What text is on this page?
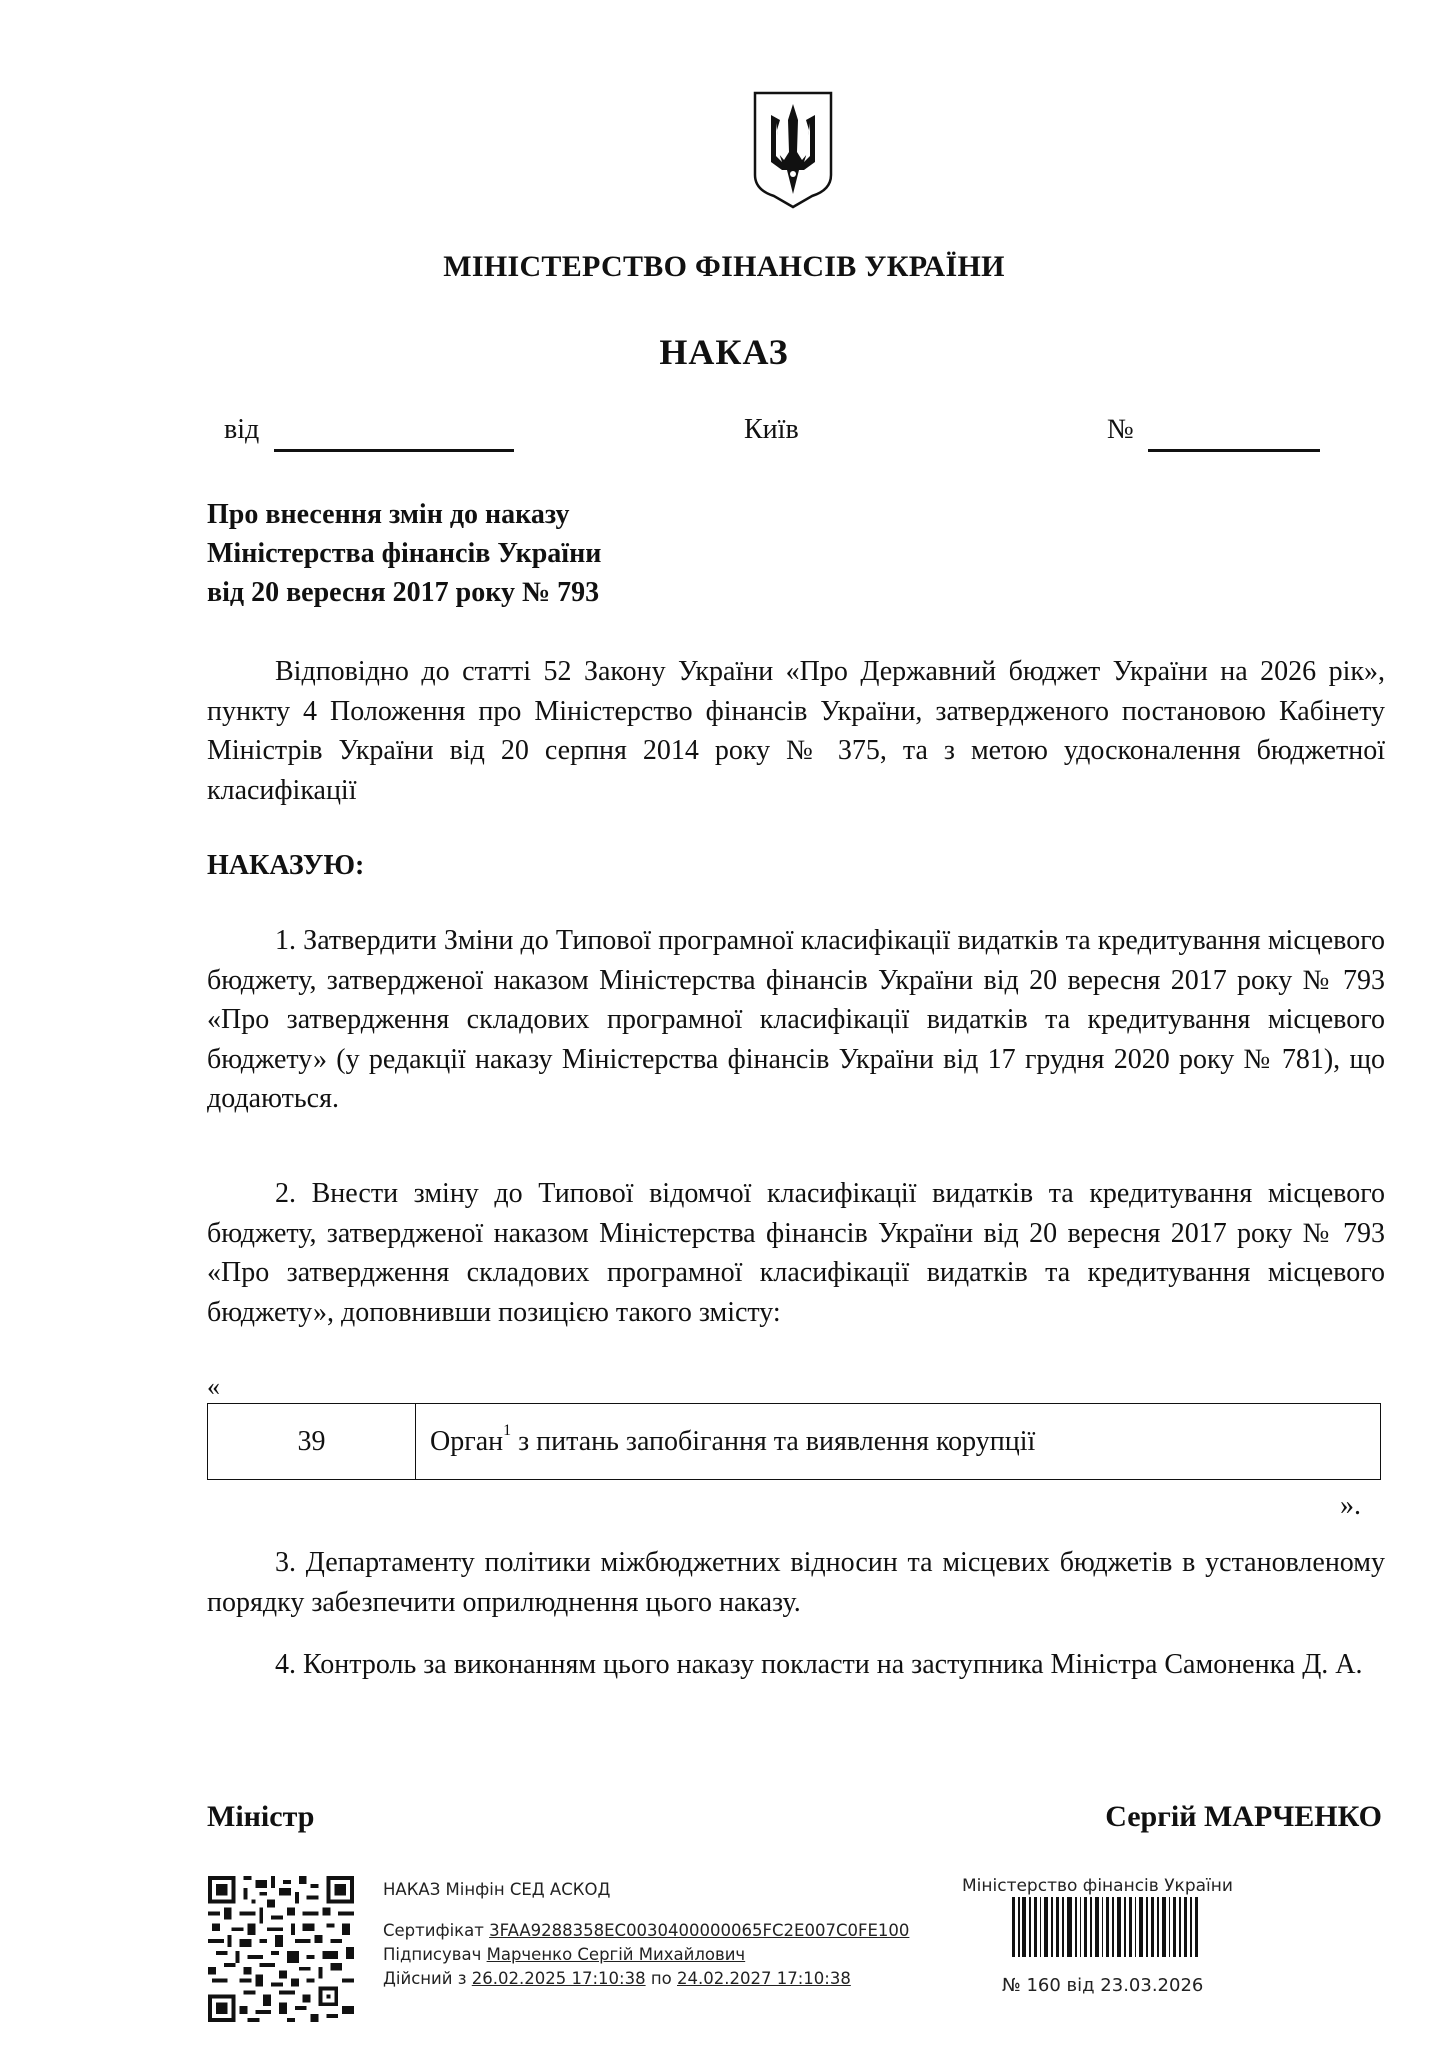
МІНІСТЕРСТВО ФІНАНСІВ УКРАЇНИ
НАКАЗ
від	Київ	№
Про внесення змін до наказу
Міністерства фінансів України
від 20 вересня 2017 року № 793
Відповідно до статті 52 Закону України «Про Державний бюджет України на 2026 рік», пункту 4 Положення про Міністерство фінансів України, затвердженого постановою Кабінету Міністрів України від 20 серпня 2014 року № 375, та з метою удосконалення бюджетної класифікації
НАКАЗУЮ:
1. Затвердити Зміни до Типової програмної класифікації видатків та кредитування місцевого бюджету, затвердженої наказом Міністерства фінансів України від 20 вересня 2017 року № 793 «Про затвердження складових програмної класифікації видатків та кредитування місцевого бюджету» (у редакції наказу Міністерства фінансів України від 17 грудня 2020 року № 781), що додаються.
2. Внести зміну до Типової відомчої класифікації видатків та кредитування місцевого бюджету, затвердженої наказом Міністерства фінансів України від 20 вересня 2017 року № 793 «Про затвердження складових програмної класифікації видатків та кредитування місцевого бюджету», доповнивши позицією такого змісту:
«
39	Орган$^1$ з питань запобігання та виявлення корупції
».
3. Департаменту політики міжбюджетних відносин та місцевих бюджетів в установленому порядку забезпечити оприлюднення цього наказу.
4. Контроль за виконанням цього наказу покласти на заступника Міністра Самоненка Д. А.
Міністр	Сергій МАРЧЕНКО
НАКАЗ Мінфін СЕД АСКОД
Сертифікат 3FAA9288358EC0030400000065FC2E007C0FE100
Підписувач Марченко Сергій Михайлович
Дійсний з 26.02.2025 17:10:38 по 24.02.2027 17:10:38
Міністерство фінансів України
№ 160 від 23.03.2026
